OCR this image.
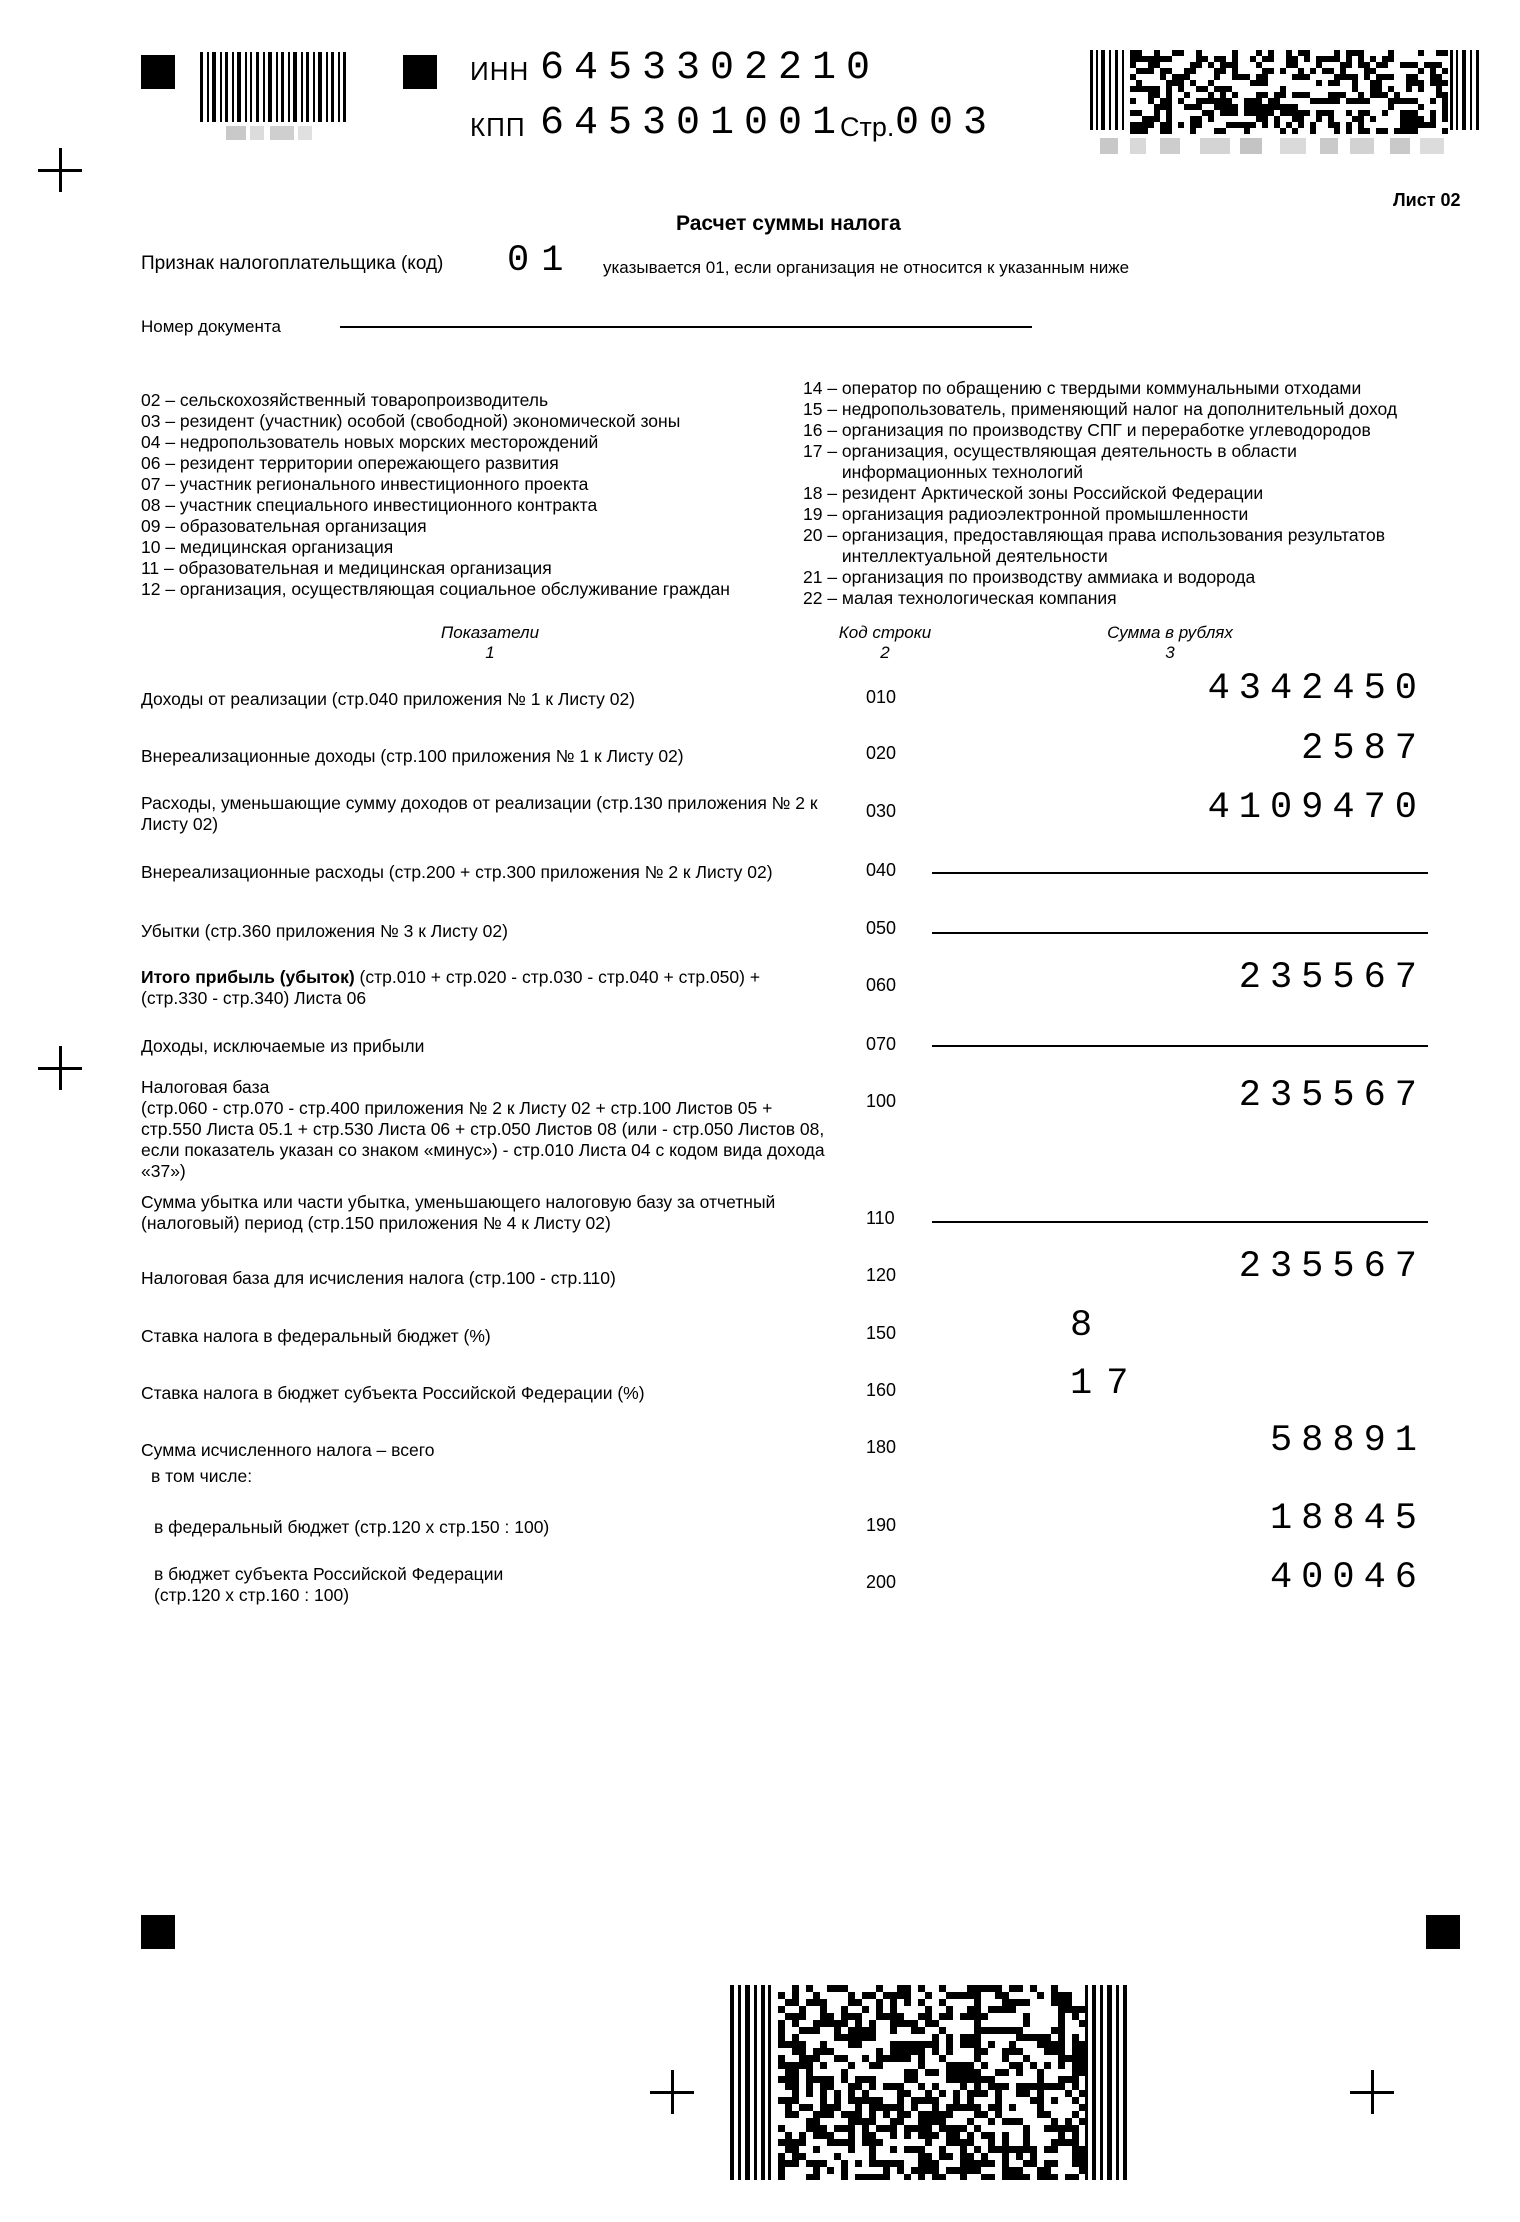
ИНН 6453302210
КПП 645301001
Стр. 003
Лист 02
Расчет суммы налога
Признак налогоплательщика (код) 01 указывается 01, если организация не относится к указанным ниже
Номер документа
02 – сельскохозяйственный товаропроизводитель
03 – резидент (участник) особой (свободной) экономической зоны
04 – недропользователь новых морских месторождений
06 – резидент территории опережающего развития
07 – участник регионального инвестиционного проекта
08 – участник специального инвестиционного контракта
09 – образовательная организация
10 – медицинская организация
11 – образовательная и медицинская организация
12 – организация, осуществляющая социальное обслуживание граждан
14 – оператор по обращению с твердыми коммунальными отходами
15 – недропользователь, применяющий налог на дополнительный доход
16 – организация по производству СПГ и переработке углеводородов
17 – организация, осуществляющая деятельность в области
информационных технологий
18 – резидент Арктической зоны Российской Федерации
19 – организация радиоэлектронной промышленности
20 – организация, предоставляющая права использования результатов
интеллектуальной деятельности
21 – организация по производству аммиака и водорода
22 – малая технологическая компания
Показатели
1
Код строки
2
Сумма в рублях
3
Доходы от реализации (стр.040 приложения № 1 к Листу 02)	010	4342450
Внереализационные доходы (стр.100 приложения № 1 к Листу 02)	020	2587
Расходы, уменьшающие сумму доходов от реализации (стр.130 приложения № 2 к Листу 02)
030	4109470
Внереализационные расходы (стр.200 + стр.300 приложения № 2 к Листу 02)	040
Убытки (стр.360 приложения № 3 к Листу 02)	050
Итого прибыль (убыток) (стр.010 + стр.020 - стр.030 - стр.040 + стр.050) + (стр.330 - стр.340) Листа 06
060	235567
Доходы, исключаемые из прибыли	070
Налоговая база
(стр.060 - стр.070 - стр.400 приложения № 2 к Листу 02 + стр.100 Листов 05 + стр.550 Листа 05.1 + стр.530 Листа 06 + стр.050 Листов 08 (или - стр.050 Листов 08, если показатель указан со знаком «минус») - стр.010 Листа 04 с кодом вида дохода «37»)
100	235567
Сумма убытка или части убытка, уменьшающего налоговую базу за отчетный (налоговый) период (стр.150 приложения № 4 к Листу 02)	110
Налоговая база для исчисления налога (стр.100 - стр.110)	120	235567
Ставка налога в федеральный бюджет (%)	150	8
Ставка налога в бюджет субъекта Российской Федерации (%)	160	17
Сумма исчисленного налога – всего	180	58891
в том числе:
в федеральный бюджет (стр.120 х стр.150 : 100)	190	18845
в бюджет субъекта Российской Федерации
(стр.120 х стр.160 : 100)
200	40046
